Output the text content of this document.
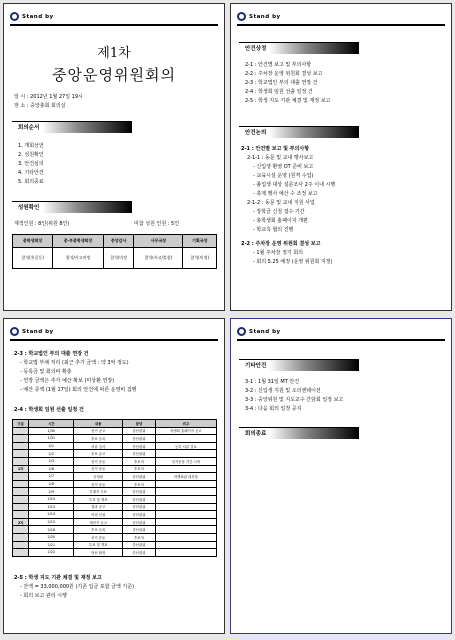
Stand by
제1차
중앙운영위원회의
일 시 : 2012년 1월 27일 19시
장 소 : 중앙총회 회의실
회의순서
1. 개회선언
2. 성원확인
3. 안건심의
4. 기타안건
5. 회의종료
성원확인
재적인원 : 8인(위원 8인)	미참 성원 인원 : 5인
총학생회장	총·부총학생회장	중앙감사	사무국장	기획국장
참석(홍길동)	참석/사고미정	참석/미정	참석(사고/불참)	참석(미정)
Stand by
안건상정
2-1 : 안건별 보고 및 부의사항
2-2 : 주차장 운영 위원회 결성 보고
2-3 : 학교법인 부의 대출 연장 건
2-4 : 학생회 임원 선출 일정 건
2-5 : 학생 지도 기관 체결 및 재정 보고
안건논의
2-1 : 안건별 보고 및 부의사항
2-1-1 : 동문 및 교내 행사보고
- 신입생 환영 OT 준비 보고
- 교육시설 운영 (원격 수업)
- 졸업생 대상 설문조사 2주 이내 시행
- 축제 행사 예산 수 조정 보고
2-1-2 : 동문 및 교내 지원 사업
- 장학금 신청 접수 기간
- 총학생회 홈페이지 개편
- 학교측 협의 진행
2-2 : 주차장 운영 위원회 결성 보고
- 1월 주차장 정기 회의
- 회의 5.25 예정 (운영 위원회 지정)
Stand by
2-3 : 학교법인 부의 대출 연장 건
- 학교법 부채 처리 (최근 추가 금액 : 약 3억 정도)
- 등록금 및 회의비 확충
- 연장 금액은 추가 예산 확보 (미상환 연장)
- 예산 증액 (1월 17일) 회의 안건에 따른 운영비 집행
2-4 : 학생회 임원 선출 일정 건
구분	시간	내용	담당	비고
	1/30	선거 공고	중선관위	학생회 홈페이지 공고
	1/31	후보 등록	중선관위	
	2/1	서류 심사	중선관위	등록 서류 검토
	2/2	후보 공고	중선관위	
	2/3	선거 운동	후보자	선거운동 기간 시작
1차	2/6	선거 운동	후보자	
	2/7	공청회	중선관위	학생회관 대강당
	2/8	선거 운동	후보자	
	2/9	부재자 투표	중선관위	
	2/10	투표 및 개표	중선관위	
	2/13	결과 공고	중선관위	
	2/14	이의 신청	중선관위	
2차	2/15	재선거 공고	중선관위	
	2/16	후보 등록	중선관위	
	2/20	선거 운동	후보자	
	2/21	투표 및 개표	중선관위	
	2/22	당선 확정	중선관위	
2-5 : 학생 지도 기관 체결 및 재정 보고
- 잔액 = 33,000,000원 (기존 입금 포함 금액 기준)
- 회의 보고 관리 시행
Stand by
기타안건
3-1 : 1월 31일 MT 안건
3-2 : 신입생 지원 및 오리엔테이션
3-3 : 중앙위원 및 지도교수 간담회 일정 보고
3-4 : 다음 회의 일정 공지
회의종료
